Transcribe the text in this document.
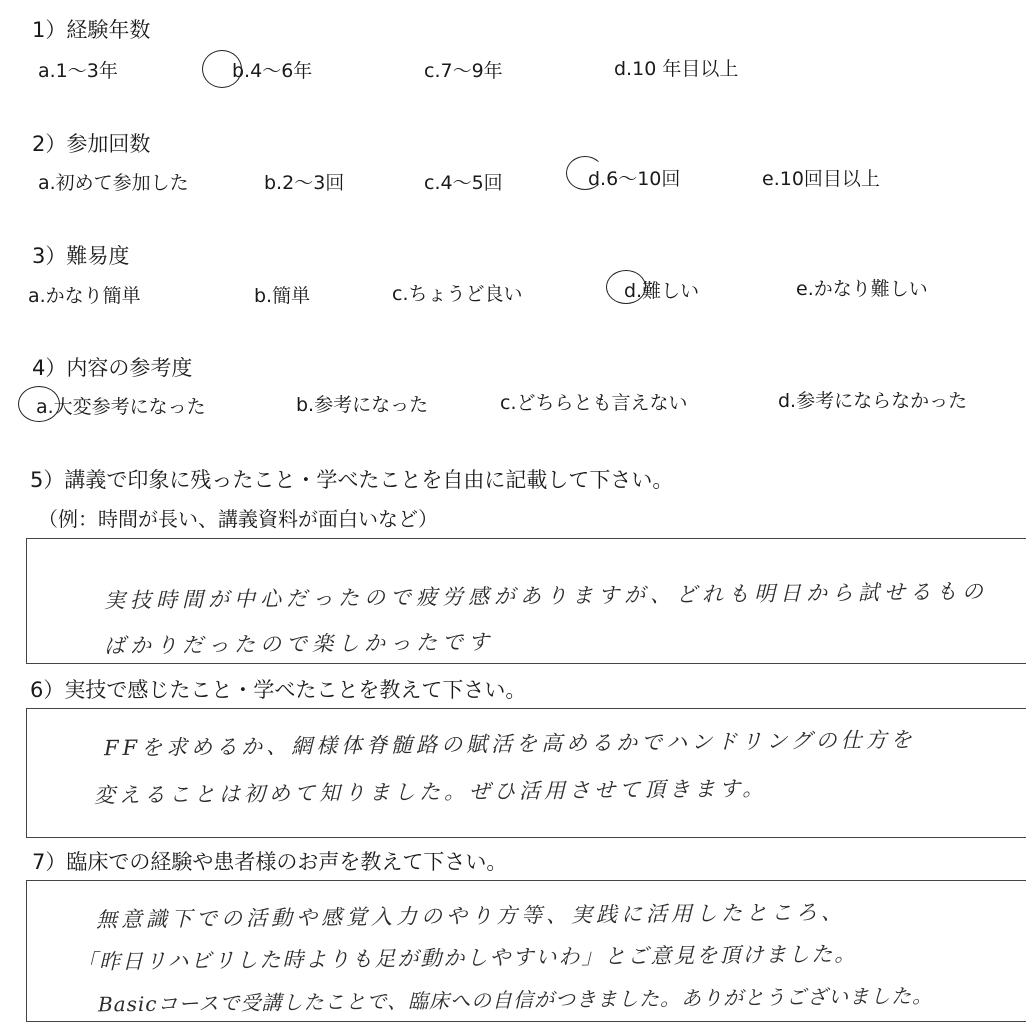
1）経験年数
a.1～3年	b.4～6年	c.7～9年	d.10 年目以上
2）参加回数
a.初めて参加した	b.2～3回	c.4～5回	d.6～10回	e.10回目以上
3）難易度
a.かなり簡単	b.簡単	c.ちょうど良い	d.難しい	e.かなり難しい
4）内容の参考度
a.大変参考になった	b.参考になった	c.どちらとも言えない	d.参考にならなかった
5）講義で印象に残ったこと・学べたことを自由に記載して下さい。
（例：時間が長い、講義資料が面白いなど）
実技時間が中心だったので疲労感がありますが、どれも明日から試せるもの
ばかりだったので楽しかったです
6）実技で感じたこと・学べたことを教えて下さい。
FFを求めるか、網様体脊髄路の賦活を高めるかでハンドリングの仕方を
変えることは初めて知りました。ぜひ活用させて頂きます。
7）臨床での経験や患者様のお声を教えて下さい。
無意識下での活動や感覚入力のやり方等、実践に活用したところ、
「昨日リハビリした時よりも足が動かしやすいわ」とご意見を頂けました。
Basicコースで受講したことで、臨床への自信がつきました。ありがとうございました。
